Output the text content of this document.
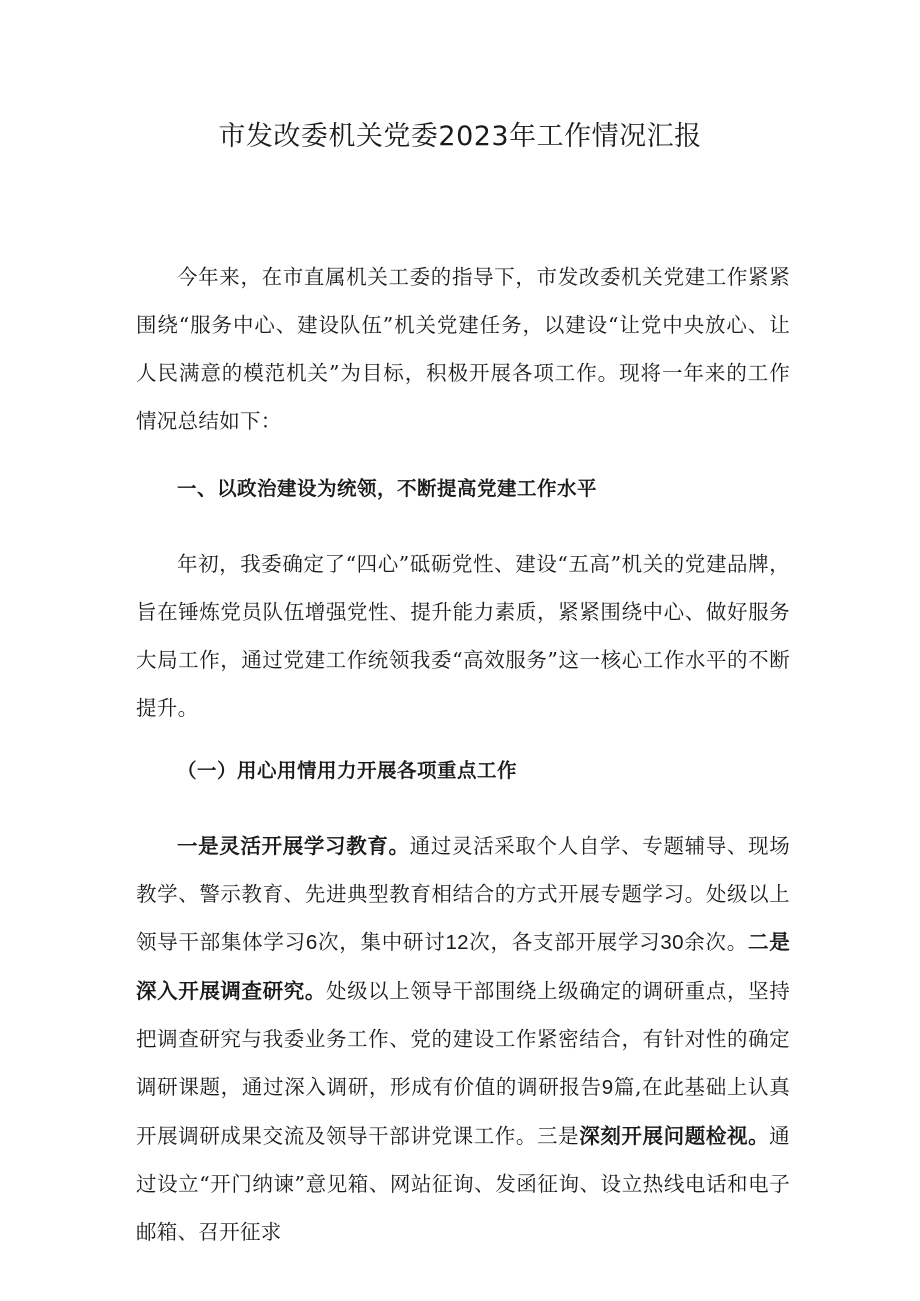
市发改委机关党委2023年工作情况汇报
今年来，在市直属机关工委的指导下，市发改委机关党建工作紧紧围绕“服务中心、建设队伍”机关党建任务，以建设“让党中央放心、让人民满意的模范机关”为目标，积极开展各项工作。现将一年来的工作情况总结如下：
一、以政治建设为统领，不断提高党建工作水平
年初，我委确定了“四心”砥砺党性、建设“五高”机关的党建品牌，旨在锤炼党员队伍增强党性、提升能力素质，紧紧围绕中心、做好服务大局工作，通过党建工作统领我委“高效服务”这一核心工作水平的不断提升。
（一）用心用情用力开展各项重点工作
一是灵活开展学习教育。通过灵活采取个人自学、专题辅导、现场教学、警示教育、先进典型教育相结合的方式开展专题学习。处级以上领导干部集体学习6次，集中研讨12次，各支部开展学习30余次。二是深入开展调查研究。处级以上领导干部围绕上级确定的调研重点，坚持把调查研究与我委业务工作、党的建设工作紧密结合，有针对性的确定调研课题，通过深入调研，形成有价值的调研报告9篇,在此基础上认真开展调研成果交流及领导干部讲党课工作。三是深刻开展问题检视。通过设立“开门纳谏”意见箱、网站征询、发函征询、设立热线电话和电子邮箱、召开征求
